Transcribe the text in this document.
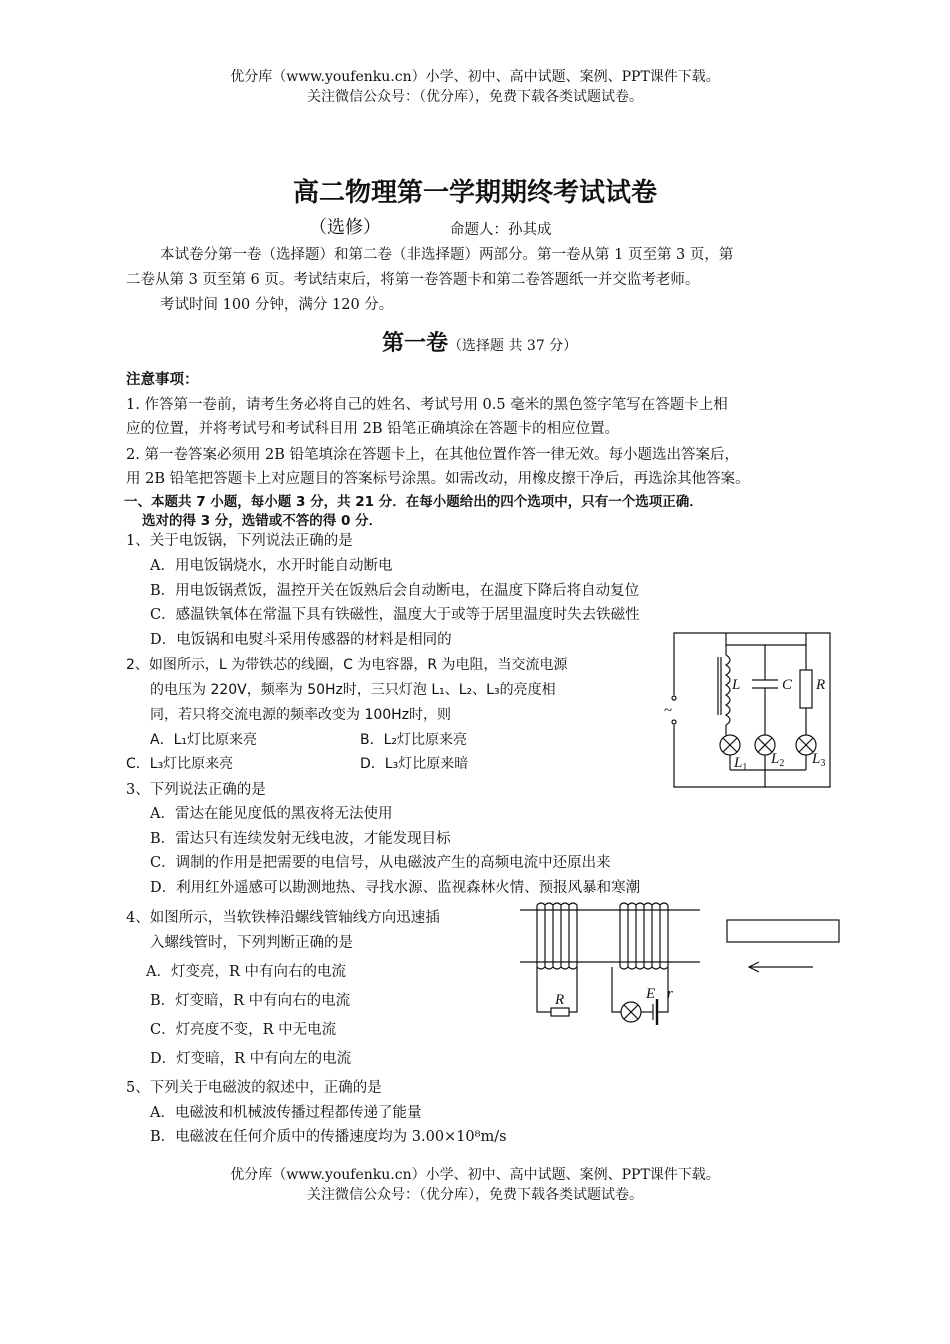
优分库（www.youfenku.cn）小学、初中、高中试题、案例、PPT课件下载。
关注微信公众号：（优分库），免费下载各类试题试卷。
高二物理第一学期期终考试试卷
（选修）	命题人：孙其成
本试卷分第一卷（选择题）和第二卷（非选择题）两部分。第一卷从第 1 页至第 3 页，第
二卷从第 3 页至第 6 页。考试结束后，将第一卷答题卡和第二卷答题纸一并交监考老师。
考试时间 100 分钟，满分 120 分。
第一卷（选择题 共 37 分）
注意事项：
1. 作答第一卷前，请考生务必将自己的姓名、考试号用 0.5 毫米的黑色签字笔写在答题卡上相
应的位置，并将考试号和考试科目用 2B 铅笔正确填涂在答题卡的相应位置。
2. 第一卷答案必须用 2B 铅笔填涂在答题卡上，在其他位置作答一律无效。每小题选出答案后，
用 2B 铅笔把答题卡上对应题目的答案标号涂黑。如需改动，用橡皮擦干净后，再选涂其他答案。
一、本题共 7 小题，每小题 3 分，共 21 分．在每小题给出的四个选项中，只有一个选项正确．
选对的得 3 分，选错或不答的得 0 分．
1、关于电饭锅，下列说法正确的是
A．用电饭锅烧水，水开时能自动断电
B．用电饭锅煮饭，温控开关在饭熟后会自动断电，在温度下降后将自动复位
C．感温铁氧体在常温下具有铁磁性，温度大于或等于居里温度时失去铁磁性
D．电饭锅和电熨斗采用传感器的材料是相同的
2、如图所示，L 为带铁芯的线圈，C 为电容器，R 为电阻，当交流电源
的电压为 220V，频率为 50Hz时，三只灯泡 L₁、L₂、L₃的亮度相
同，若只将交流电源的频率改变为 100Hz时，则
A．L₁灯比原来亮	B．L₂灯比原来亮
C．L₃灯比原来亮	D．L₃灯比原来暗
~
L	C R
$L_1$
$L_2$ $L_3$
3、下列说法正确的是
A．雷达在能见度低的黑夜将无法使用
B．雷达只有连续发射无线电波，才能发现目标
C．调制的作用是把需要的电信号，从电磁波产生的高频电流中还原出来
D．利用红外遥感可以勘测地热、寻找水源、监视森林火情、预报风暴和寒潮
4、如图所示，当软铁棒沿螺线管轴线方向迅速插
入螺线管时，下列判断正确的是
A．灯变亮，R 中有向右的电流
B．灯变暗，R 中有向右的电流
C．灯亮度不变，R 中无电流
D．灯变暗，R 中有向左的电流
R	E r
5、下列关于电磁波的叙述中，正确的是
A．电磁波和机械波传播过程都传递了能量
B．电磁波在任何介质中的传播速度均为 3.00×10⁸m/s
优分库（www.youfenku.cn）小学、初中、高中试题、案例、PPT课件下载。
关注微信公众号：（优分库），免费下载各类试题试卷。
